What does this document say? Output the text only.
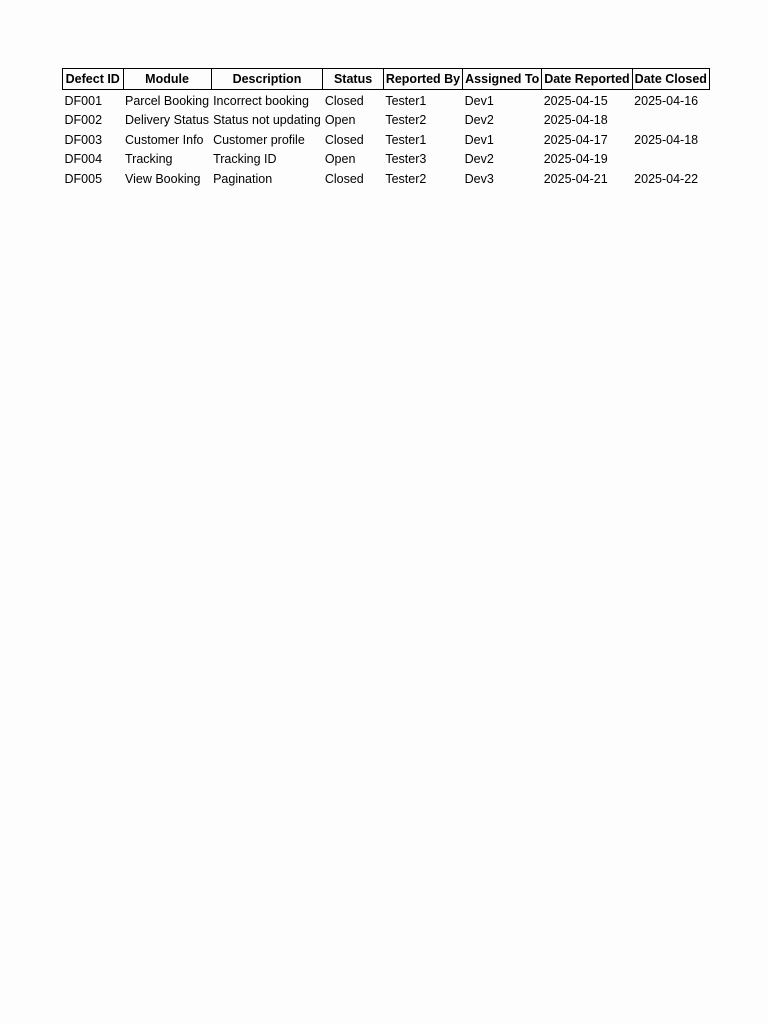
Defect ID	Module	Description	Status	Reported By	Assigned To	Date Reported	Date Closed
DF001	Parcel Booking	Incorrect booking	Closed	Tester1	Dev1	2025-04-15	2025-04-16
DF002	Delivery Status	Status not updating	Open	Tester2	Dev2	2025-04-18	
DF003	Customer Info	Customer profile	Closed	Tester1	Dev1	2025-04-17	2025-04-18
DF004	Tracking	Tracking ID	Open	Tester3	Dev2	2025-04-19	
DF005	View Booking	Pagination	Closed	Tester2	Dev3	2025-04-21	2025-04-22
